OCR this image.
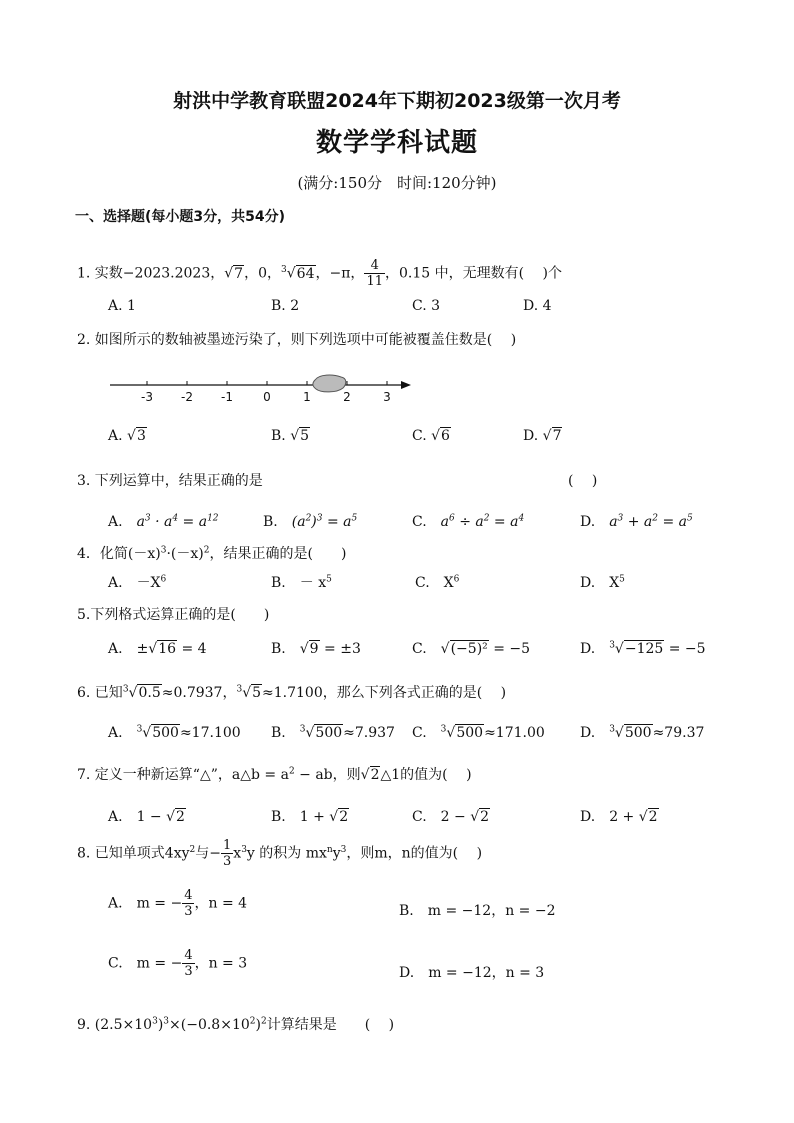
射洪中学教育联盟2024年下期初2023级第一次月考
数学学科试题
(满分:150分　时间:120分钟)
一、选择题(每小题3分，共54分)
1. 实数−2023.2023，√7，0，$^3$√64，−π， $\frac{4}{11}$ ，0.15 中，无理数有(　 )个
A. 1	B. 2	C. 3	D. 4
2. 如图所示的数轴被墨迹污染了，则下列选项中可能被覆盖住数是(　 )
-3 -2 -1	0	1	2	3
A. √3	B. √5	C. √6	D. √7
3. 下列运算中，结果正确的是	(　 )
A.　 $a^3 \cdot a^4 = a^{12}$	B.　 $(a^2)^3 = a^5$	C.　 $a^6 \div a^2 = a^4$	D.　 $a^3 + a^2 = a^5$
4．化简$(-x)^3\cdot(-x)^2$，结果正确的是(　　)
A.　 $-X^6$	B.　 － $x^5$	C.　 $X^6$	D.　 $X^5$
5.下列格式运算正确的是(　　)
A.　 ±√16 = 4	B.　√9 = ±3	C.　√(−5)² = −5	D.　 $^3$√−125 = −5
6. 已知$^3$√0.5≈0.7937，$^3$√5≈1.7100，那么下列各式正确的是(　 )
A.　 $^3$√500≈17.100 B.　 $^3$√500≈7.937 C.　 $^3$√500≈171.00	D.　 $^3$√500≈79.37
7. 定义一种新运算“△”，a△b = $a^2$ − ab，则√2△1的值为(　 )
A.　 1 − √2	B.　 1 + √2	C.　 2 − √2	D.　 2 + √2
8. 已知单项式$4xy^2$与− $\frac{1}{3} x^3y$ 的积为 $mx^ny^3$，则m，n的值为(　 )
A.　 m = − $\frac{4}{3}$ ，n = 4	B.　 m = −12，n = −2
C.　 m = − $\frac{4}{3}$ ，n = 3
D.　 m = −12，n = 3
9. $(2.5\times 10^3)^3\times(-0.8\times 10^2)^2$计算结果是　　 (　 )
